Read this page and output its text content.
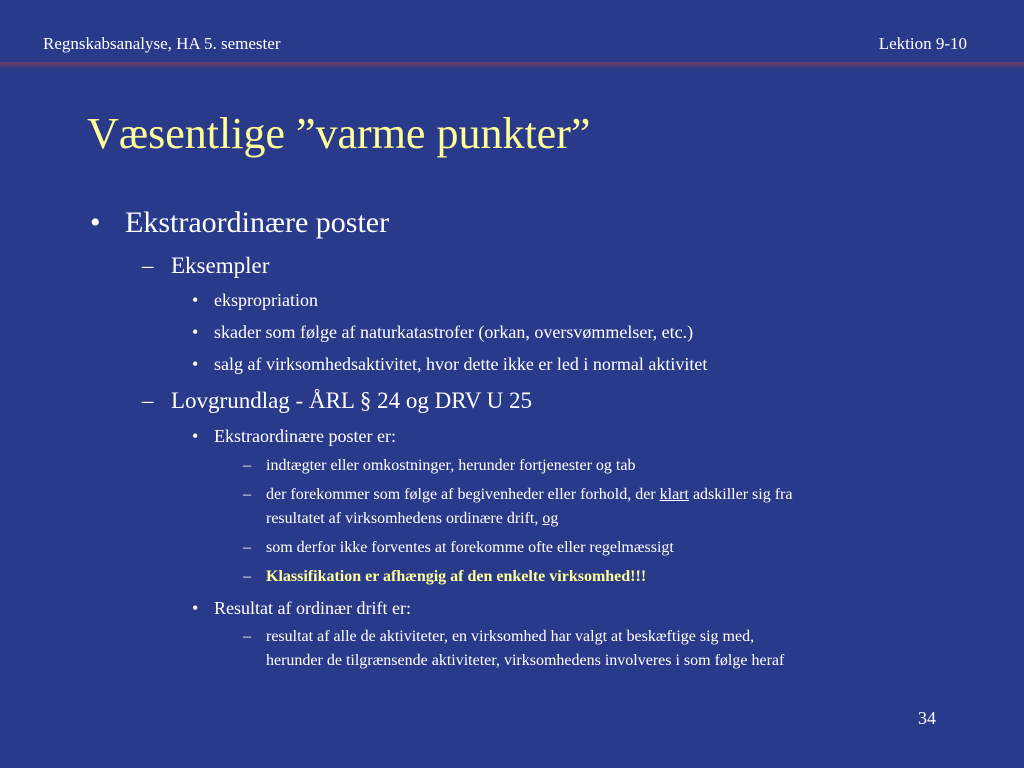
Regnskabsanalyse, HA 5. semester	Lektion 9-10
Væsentlige ”varme punkter”
• Ekstraordinære poster
– Eksempler
• ekspropriation
• skader som følge af naturkatastrofer (orkan, oversvømmelser, etc.)
• salg af virksomhedsaktivitet, hvor dette ikke er led i normal aktivitet
– Lovgrundlag - ÅRL § 24 og DRV U 25
• Ekstraordinære poster er:
– indtægter eller omkostninger, herunder fortjenester og tab
– der forekommer som følge af begivenheder eller forhold, der klart adskiller sig fra
resultatet af virksomhedens ordinære drift, og
– som derfor ikke forventes at forekomme ofte eller regelmæssigt
– Klassifikation er afhængig af den enkelte virksomhed!!!
• Resultat af ordinær drift er:
– resultat af alle de aktiviteter, en virksomhed har valgt at beskæftige sig med,
herunder de tilgrænsende aktiviteter, virksomhedens involveres i som følge heraf
34
